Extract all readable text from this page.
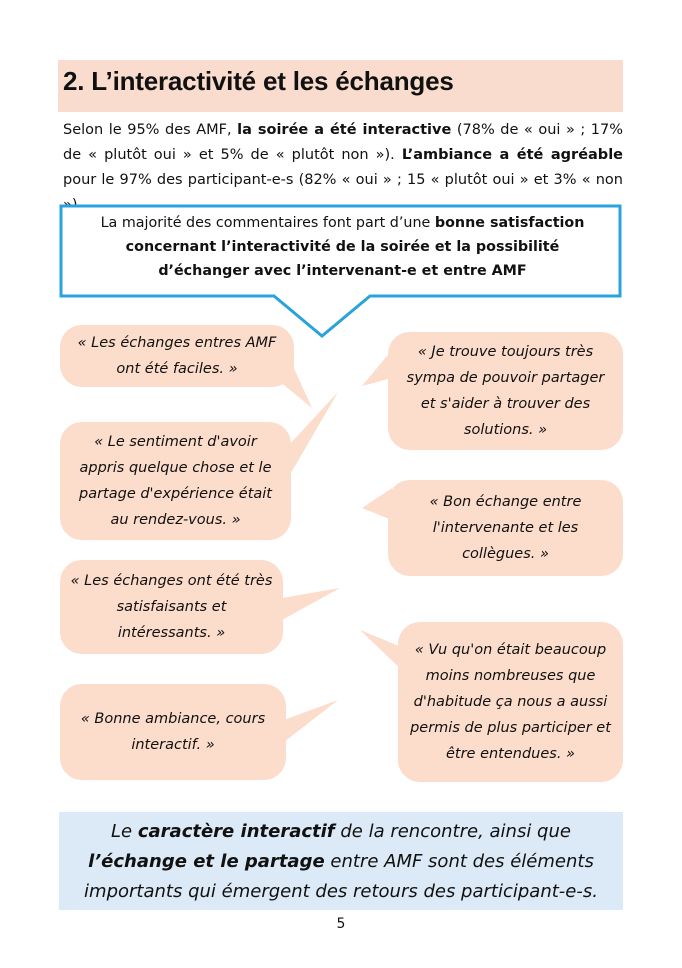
2. L’interactivité et les échanges
Selon le 95% des AMF, la soirée a été interactive (78% de « oui » ; 17% de « plutôt oui » et 5% de « plutôt non »). L’ambiance a été agréable pour le 97% des participant-e-s (82% « oui » ; 15 « plutôt oui » et 3% « non
La majorité des commentaires font part d’une bonne satisfaction concernant l’interactivité de la soirée et la possibilité d’échanger avec l’intervenant-e et entre AMF
« Les échanges entres AMF ont été faciles. »
« Le sentiment d'avoir appris quelque chose et le partage d'expérience était au rendez-vous. »
« Les échanges ont été très satisfaisants et intéressants. »
« Bonne ambiance, cours interactif. »
« Je trouve toujours très sympa de pouvoir partager et s'aider à trouver des solutions. »
« Bon échange entre l'intervenante et les collègues. »
« Vu qu'on était beaucoup moins nombreuses que d'habitude ça nous a aussi permis de plus participer et être entendues. »
Le caractère interactif de la rencontre, ainsi que l’échange et le partage entre AMF sont des éléments importants qui émergent des retours des participant-e-s.
5
